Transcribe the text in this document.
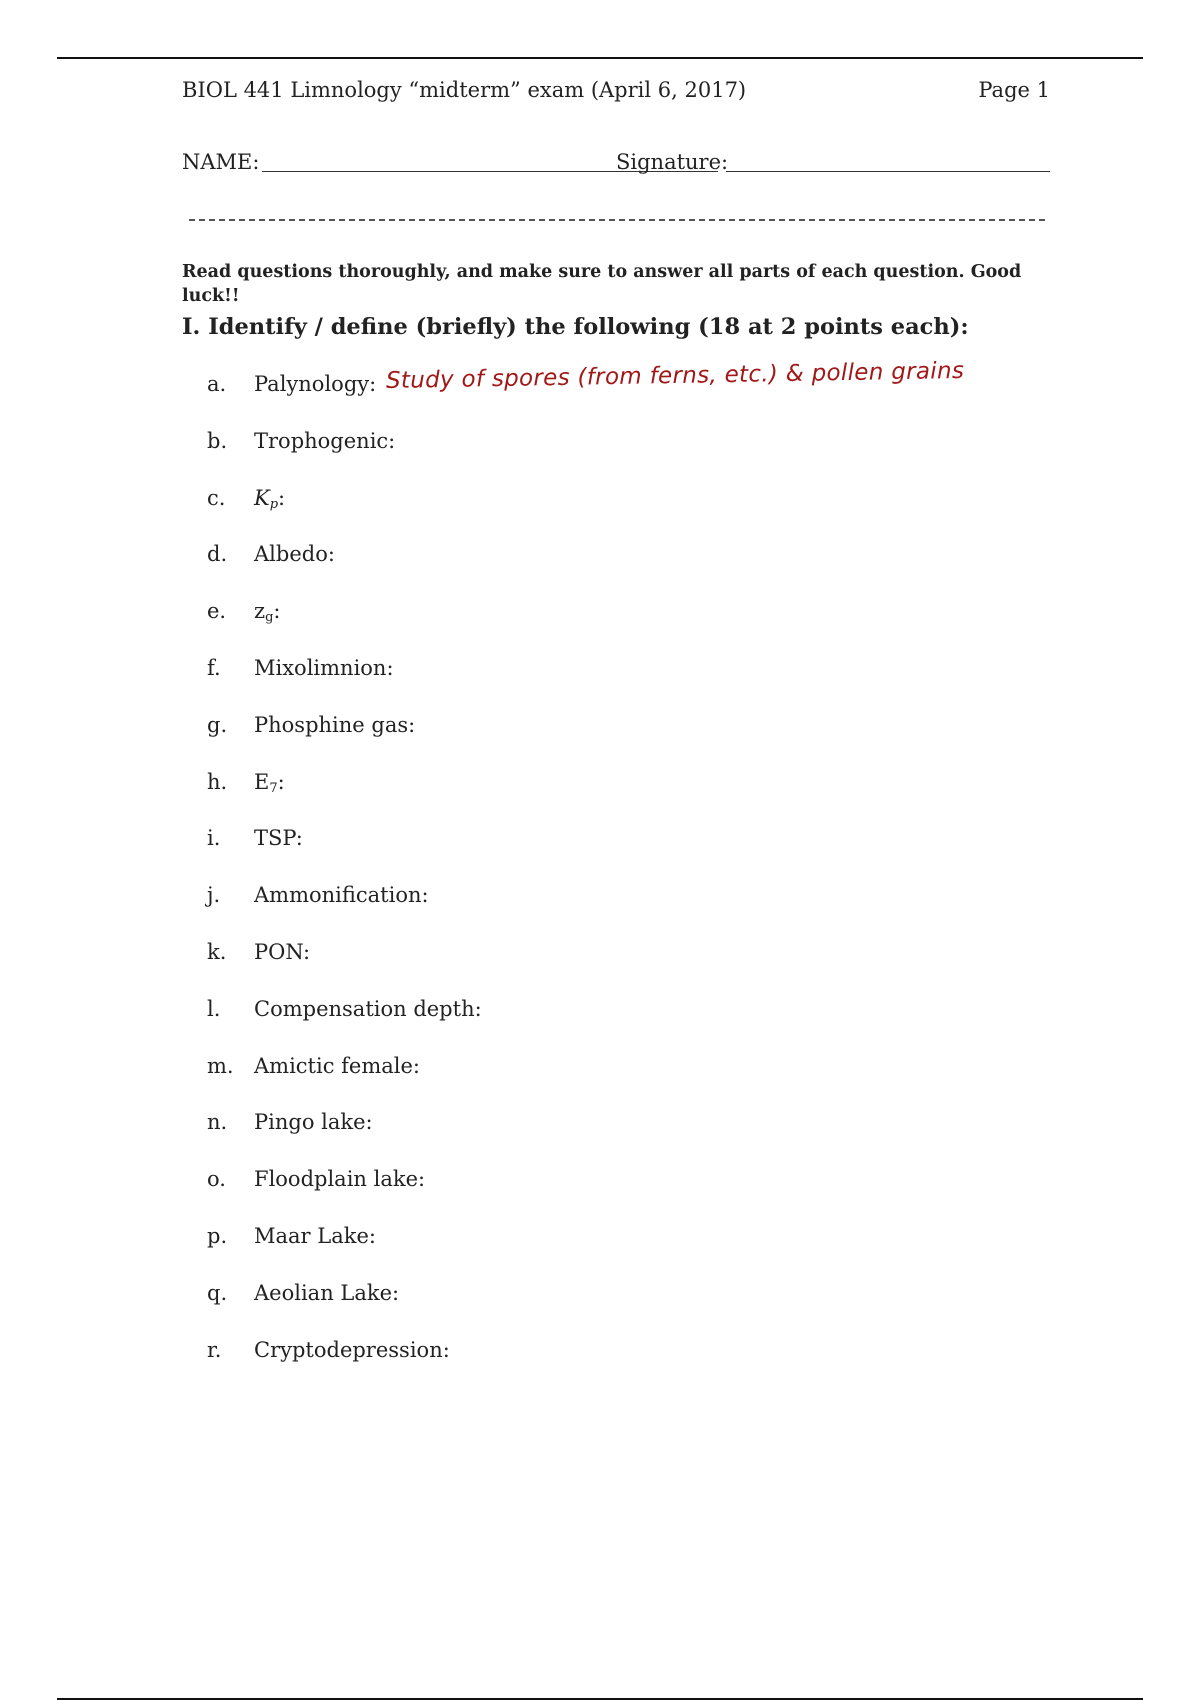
BIOL 441 Limnology “midterm” exam (April 6, 2017)	Page 1
NAME:	Signature:
Read questions thoroughly, and make sure to answer all parts of each question. Good luck!!
I. Identify / define (briefly) the following (18 at 2 points each):
a. Palynology:
b. Trophogenic:
c. $K_p$:
d. Albedo:
e. $z_g$:
f. Mixolimnion:
g. Phosphine gas:
h. $E_7$:
i. TSP:
j. Ammonification:
k. PON:
l. Compensation depth:
m. Amictic female:
n. Pingo lake:
o. Floodplain lake:
p. Maar Lake:
q. Aeolian Lake:
r. Cryptodepression:
Study of spores (from ferns, etc.) & pollen grains
